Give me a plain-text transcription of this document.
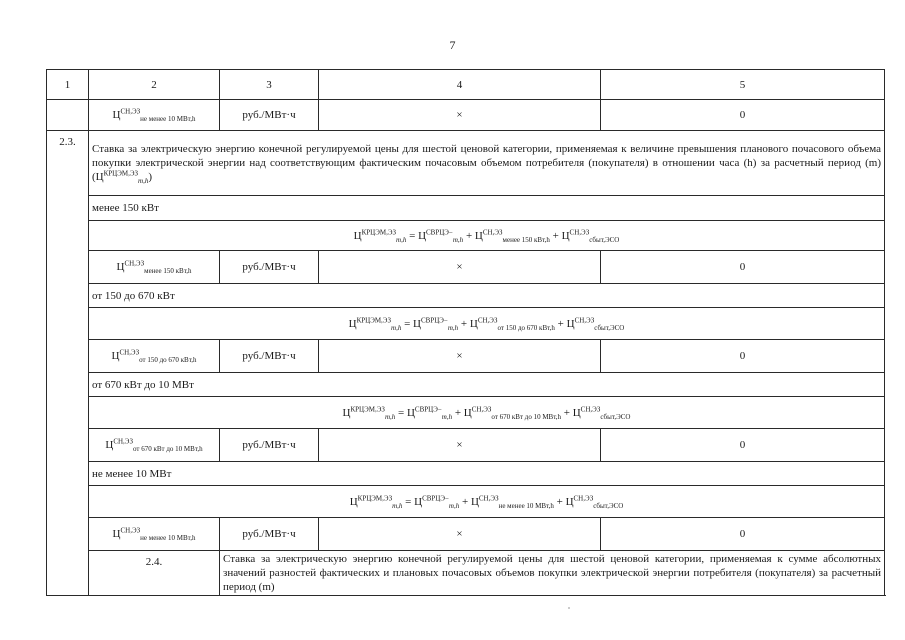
7
1	2	3	4	5
	$Ц^{СН,ЭЗ}_{не менее 10 МВт,h}$	руб./МВт·ч	×	0
2.3.	Ставка за электрическую энергию конечной регулируемой цены для шестой ценовой категории, применяемая к величине превышения планового почасового объема покупки электрической энергии над соответствующим фактическим почасовым объемом потребителя (покупателя) в отношении часа (h) за расчетный период (m) $(Ц^{КРЦЭМ,ЭЗ}_{m,h})$			
	менее 150 кВт			
	$Ц^{КРЦЭМ,ЭЗ}_{m,h} = Ц^{СВРЦЭ-}_{m,h} + Ц^{СН,ЭЗ}_{менее 150 кВт,h} + Ц^{СН,ЭЗ}_{сбыт,ЭСО}$
	$Ц^{СН,ЭЗ}_{менее 150 кВт,h}$	руб./МВт·ч	×	0
	от 150 до 670 кВт			
	$Ц^{КРЦЭМ,ЭЗ}_{m,h} = Ц^{СВРЦЭ-}_{m,h} + Ц^{СН,ЭЗ}_{от 150 до 670 кВт,h} + Ц^{СН,ЭЗ}_{сбыт,ЭСО}$
	$Ц^{СН,ЭЗ}_{от 150 до 670 кВт,h}$	руб./МВт·ч	×	0
	от 670 кВт до 10 МВт			
	$Ц^{КРЦЭМ,ЭЗ}_{m,h} = Ц^{СВРЦЭ-}_{m,h} + Ц^{СН,ЭЗ}_{от 670 кВт до 10 МВт,h} + Ц^{СН,ЭЗ}_{сбыт,ЭСО}$
	$Ц^{СН,ЭЗ}_{от 670 кВт до 10 МВт,h}$	руб./МВт·ч	×	0
	не менее 10 МВт			
	$Ц^{КРЦЭМ,ЭЗ}_{m,h} = Ц^{СВРЦЭ-}_{m,h} + Ц^{СН,ЭЗ}_{не менее 10 МВт,h} + Ц^{СН,ЭЗ}_{сбыт,ЭСО}$
	$Ц^{СН,ЭЗ}_{не менее 10 МВт,h}$	руб./МВт·ч	×	0
	2.4.	Ставка за электрическую энергию конечной регулируемой цены для шестой ценовой категории, применяемая к сумме абсолютных значений разностей фактических и плановых почасовых объемов покупки электрической энергии потребителя (покупателя) за расчетный период (m)		
